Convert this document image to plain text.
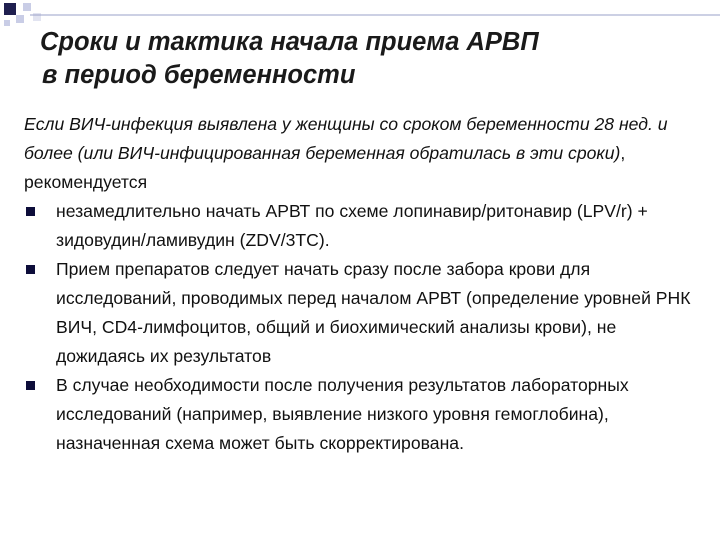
Сроки и тактика начала приема АРВП
в период беременности

Если ВИЧ-инфекция выявлена у женщины со сроком беременности 28 нед. и более (или ВИЧ-инфицированная беременная обратилась в эти сроки), рекомендуется

незамедлительно начать АРВТ по схеме лопинавир/ритонавир (LPV/r) + зидовудин/ламивудин (ZDV/3TC).
Прием препаратов следует начать сразу после забора крови для исследований, проводимых перед началом АРВТ (определение уровней РНК ВИЧ, CD4-лимфоцитов, общий и биохимический анализы крови), не дожидаясь их результатов
В случае необходимости после получения результатов лабораторных исследований (например, выявление низкого уровня гемоглобина), назначенная схема может быть скорректирована.
